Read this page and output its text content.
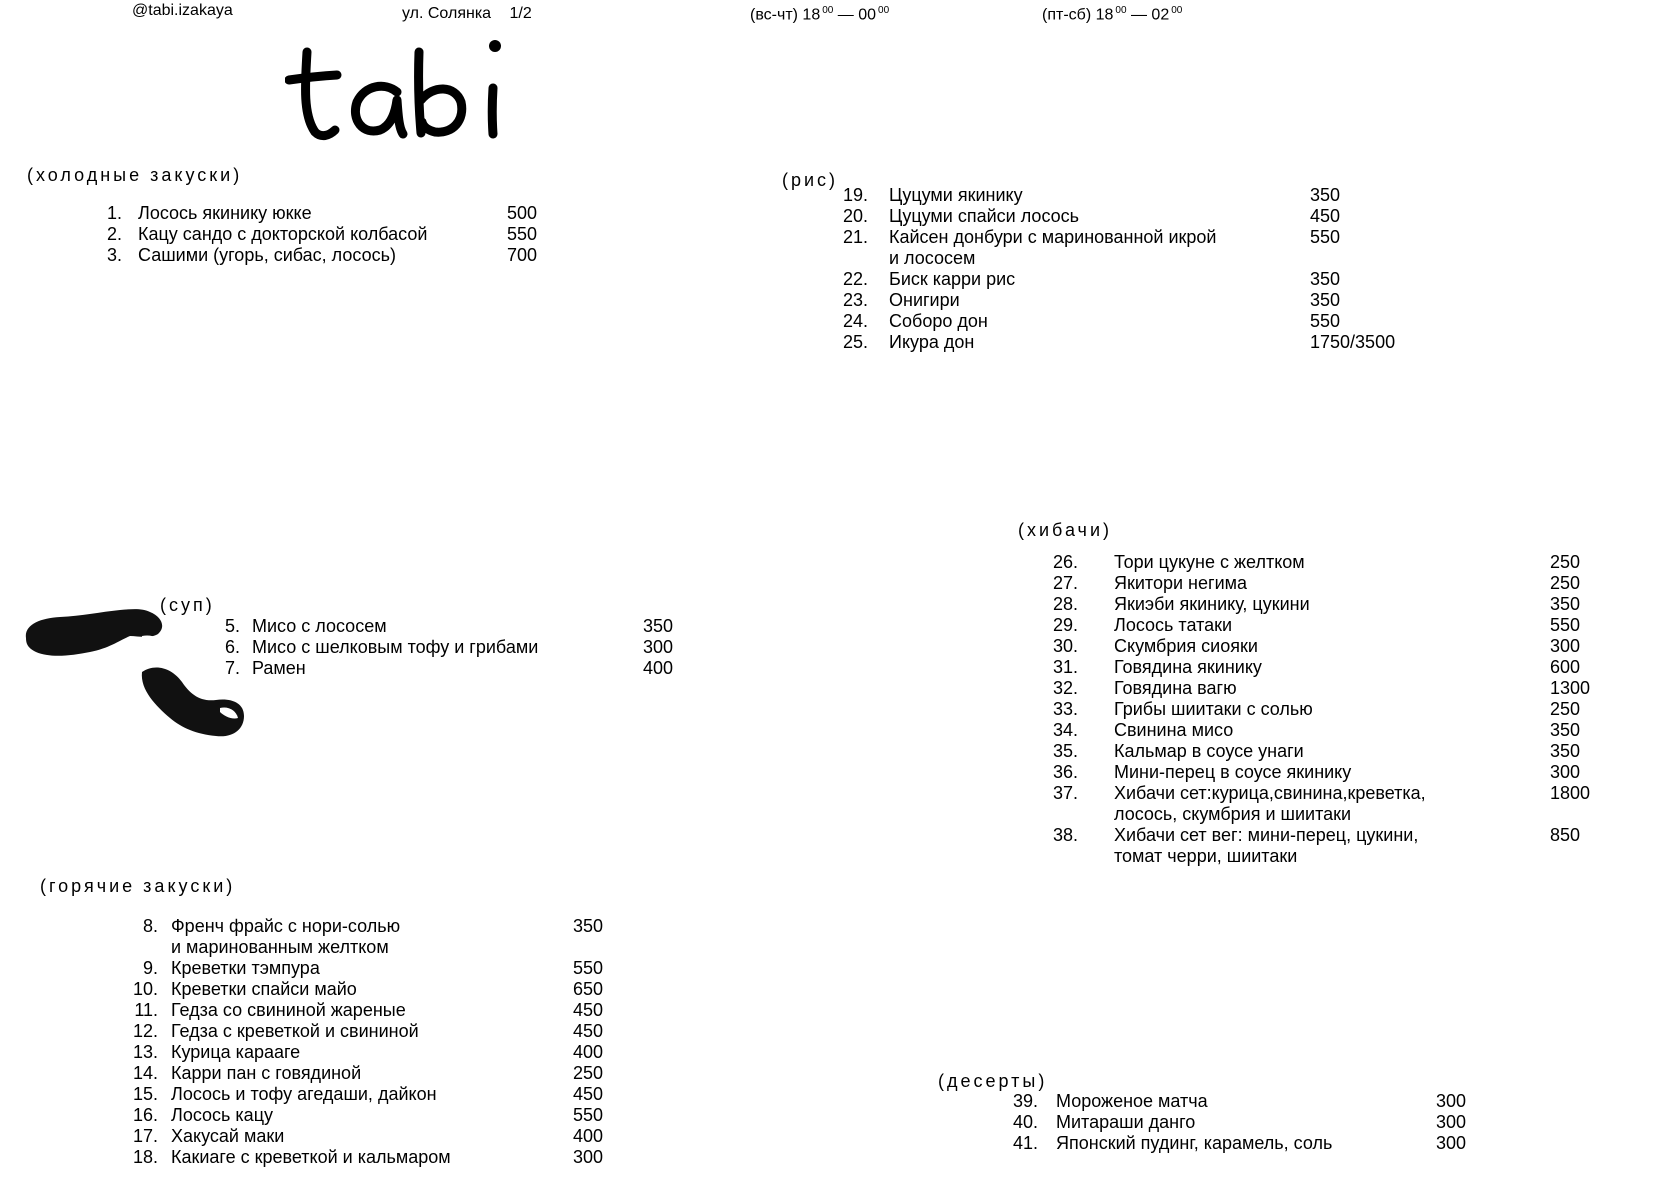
@tabi.izakaya	ул. Солянка 1/2	(вс-чт) 18 $^{00}$ — 00 $^{00}$	(пт-сб) 18 $^{00}$ — 02 $^{00}$
(холодные закуски)
1. Лосось якинику юкке	500
2. Кацу сандо с докторской колбасой	550
3. Сашими (угорь, сибас, лосось)	700
(рис)
19. Цуцуми якинику	350
20. Цуцуми спайси лосось	450
21. Кайсен донбури с маринованной икрой	550
и лососем
22. Биск карри рис	350
23. Онигири	350
24. Соборо дон	550
25. Икура дон	1750/3500
(суп)
5. Мисо с лососем	350
6. Мисо с шелковым тофу и грибами	300
7. Рамен	400
(хибачи)
26. Тори цукуне с желтком	250
27. Якитори негима	250
28. Якиэби якинику, цукини	350
29. Лосось татаки	550
30. Скумбрия сиояки	300
31. Говядина якинику	600
32. Говядина вагю	1300
33. Грибы шиитаки с солью	250
34. Свинина мисо	350
35. Кальмар в соусе унаги	350
36. Мини-перец в соусе якинику	300
37. Хибачи сет:курица,свинина,креветка,	1800
лосось, скумбрия и шиитаки
38. Хибачи сет вег: мини-перец, цукини,	850
томат черри, шиитаки
(горячие закуски)
8. Френч фрайс с нори-солью	350
и маринованным желтком
9. Креветки тэмпура	550
10. Креветки спайси майо	650
11. Гедза со свининой жареные	450
12. Гедза с креветкой и свининой	450
13. Курица карааге	400
14. Карри пан с говядиной	250
15. Лосось и тофу агедаши, дайкон	450
16. Лосось кацу	550
17. Хакусай маки	400
18. Какиаге с креветкой и кальмаром	300
(десерты)
39. Мороженое матча	300
40. Митараши данго	300
41. Японский пудинг, карамель, соль	300
